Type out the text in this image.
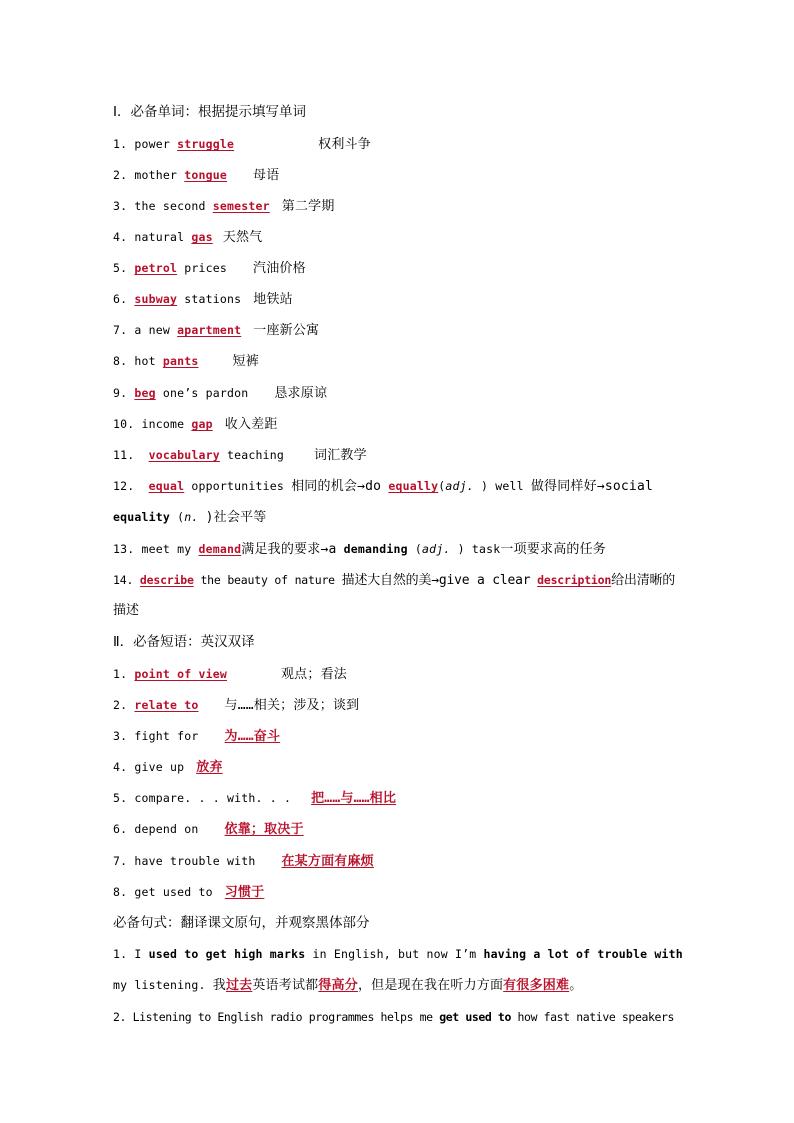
Ⅰ．必备单词：根据提示填写单词
1. power struggle	权利斗争
2. mother tongue 母语
3. the second semester 第二学期
4. natural gas 天然气
5. petrol prices 汽油价格
6. subway stations 地铁站
7. a new apartment 一座新公寓
8. hot pants	短裤
9. beg one’s pardon 恳求原谅
10. income gap 收入差距
11. vocabulary teaching 词汇教学
12. equal opportunities 相同的机会→do equally(adj. ) well 做得同样好→social
equality (n. )社会平等
13. meet my demand满足我的要求→a demanding (adj. ) task一项要求高的任务
14. describe the beauty of nature 描述大自然的美→give a clear description给出清晰的
描述
Ⅱ．必备短语：英汉双译
1. point of view	观点；看法
2. relate to 与……相关；涉及；谈到
3. fight for 为……奋斗
4. give up 放弃
5. compare. . . with. . . 把……与……相比
6. depend on 依靠；取决于
7. have trouble with 在某方面有麻烦
8. get used to 习惯于
必备句式：翻译课文原句，并观察黑体部分
1. I used to get high marks in English, but now I’m having a lot of trouble with
my listening. 我过去英语考试都得高分，但是现在我在听力方面有很多困难。
2. Listening to English radio programmes helps me get used to how fast native speakers
